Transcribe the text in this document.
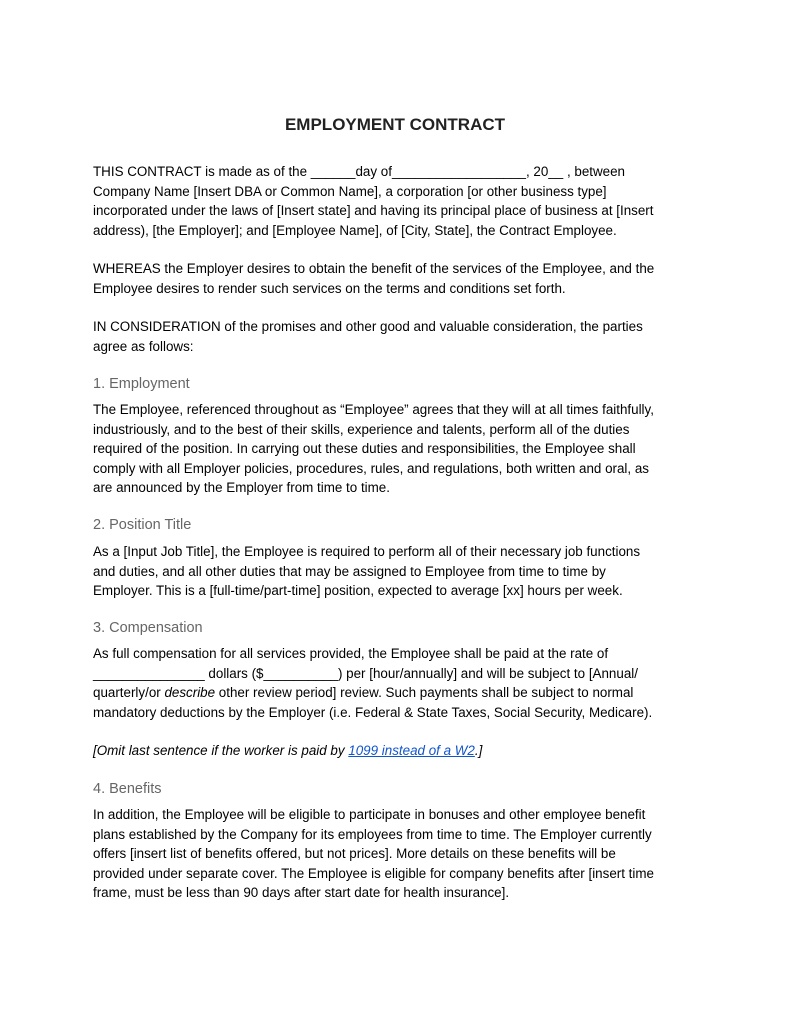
EMPLOYMENT CONTRACT
THIS CONTRACT is made as of the ______day of__________________, 20__ , between
Company Name [Insert DBA or Common Name], a corporation [or other business type]
incorporated under the laws of [Insert state] and having its principal place of business at [Insert
address), [the Employer]; and [Employee Name], of [City, State], the Contract Employee.
WHEREAS the Employer desires to obtain the benefit of the services of the Employee, and the
Employee desires to render such services on the terms and conditions set forth.
IN CONSIDERATION of the promises and other good and valuable consideration, the parties
agree as follows:
1. Employment
The Employee, referenced throughout as “Employee” agrees that they will at all times faithfully,
industriously, and to the best of their skills, experience and talents, perform all of the duties
required of the position. In carrying out these duties and responsibilities, the Employee shall
comply with all Employer policies, procedures, rules, and regulations, both written and oral, as
are announced by the Employer from time to time.
2. Position Title
As a [Input Job Title], the Employee is required to perform all of their necessary job functions
and duties, and all other duties that may be assigned to Employee from time to time by
Employer. This is a [full-time/part-time] position, expected to average [xx] hours per week.
3. Compensation
As full compensation for all services provided, the Employee shall be paid at the rate of
_______________ dollars ($__________) per [hour/annually] and will be subject to [Annual/
quarterly/or describe other review period] review. Such payments shall be subject to normal
mandatory deductions by the Employer (i.e. Federal & State Taxes, Social Security, Medicare).
[Omit last sentence if the worker is paid by 1099 instead of a W2.]
4. Benefits
In addition, the Employee will be eligible to participate in bonuses and other employee benefit
plans established by the Company for its employees from time to time. The Employer currently
offers [insert list of benefits offered, but not prices]. More details on these benefits will be
provided under separate cover. The Employee is eligible for company benefits after [insert time
frame, must be less than 90 days after start date for health insurance].
